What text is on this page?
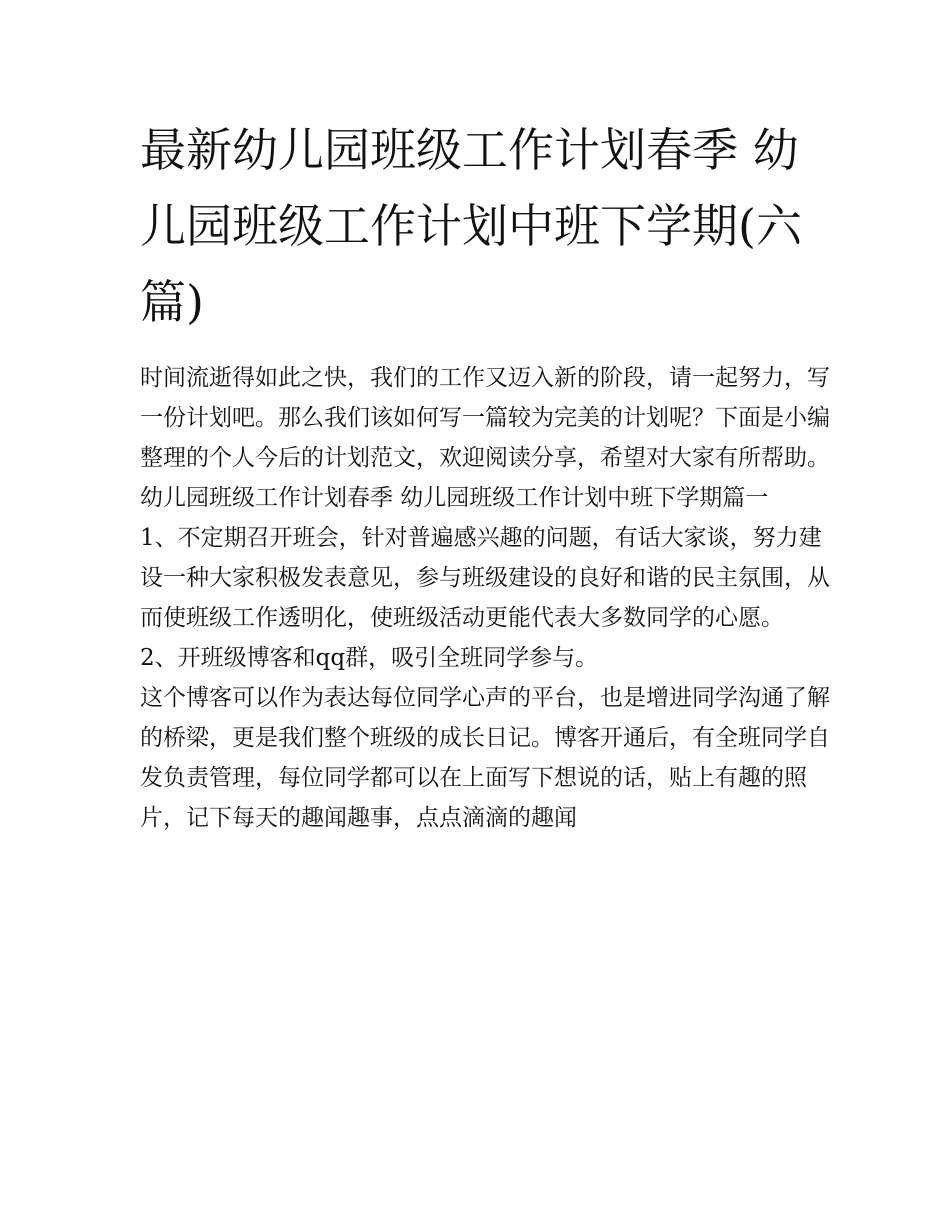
最新幼儿园班级工作计划春季 幼儿园班级工作计划中班下学期(六篇)

时间流逝得如此之快，我们的工作又迈入新的阶段，请一起努力，写一份计划吧。那么我们该如何写一篇较为完美的计划呢？下面是小编整理的个人今后的计划范文，欢迎阅读分享，希望对大家有所帮助。

幼儿园班级工作计划春季 幼儿园班级工作计划中班下学期篇一

1、不定期召开班会，针对普遍感兴趣的问题，有话大家谈，努力建设一种大家积极发表意见，参与班级建设的良好和谐的民主氛围，从而使班级工作透明化，使班级活动更能代表大多数同学的心愿。

2、开班级博客和qq群，吸引全班同学参与。

这个博客可以作为表达每位同学心声的平台，也是增进同学沟通了解的桥梁，更是我们整个班级的成长日记。博客开通后，有全班同学自发负责管理，每位同学都可以在上面写下想说的话，贴上有趣的照片，记下每天的趣闻趣事，点点滴滴的趣闻
